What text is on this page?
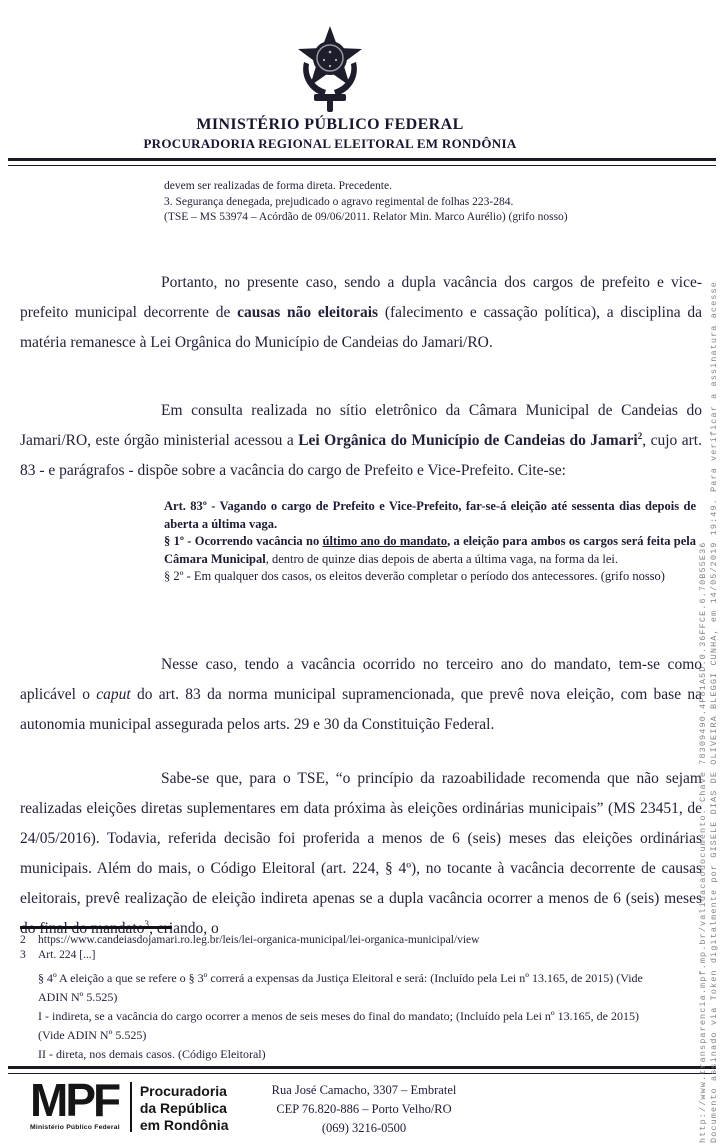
MINISTÉRIO PÚBLICO FEDERAL
PROCURADORIA REGIONAL ELEITORAL EM RONDÔNIA
devem ser realizadas de forma direta. Precedente.
3. Segurança denegada, prejudicado o agravo regimental de folhas 223-284.
(TSE – MS 53974 – Acórdão de 09/06/2011. Relator Min. Marco Aurélio) (grifo nosso)

Portanto, no presente caso, sendo a dupla vacância dos cargos de prefeito e vice-prefeito municipal decorrente de causas não eleitorais (falecimento e cassação política), a disciplina da matéria remanesce à Lei Orgânica do Município de Candeias do Jamari/RO.

Em consulta realizada no sítio eletrônico da Câmara Municipal de Candeias do Jamari/RO, este órgão ministerial acessou a Lei Orgânica do Município de Candeias do Jamari$^2$, cujo art. 83 - e parágrafos - dispõe sobre a vacância do cargo de Prefeito e Vice-Prefeito. Cite-se:

Art. 83º - Vagando o cargo de Prefeito e Vice-Prefeito, far-se-á eleição até sessenta dias depois de aberta a última vaga.
§ 1º - Ocorrendo vacância no último ano do mandato, a eleição para ambos os cargos será feita pela Câmara Municipal, dentro de quinze dias depois de aberta a última vaga, na forma da lei.
§ 2º - Em qualquer dos casos, os eleitos deverão completar o período dos antecessores. (grifo nosso)

Nesse caso, tendo a vacância ocorrido no terceiro ano do mandato, tem-se como aplicável o caput do art. 83 da norma municipal supramencionada, que prevê nova eleição, com base na autonomia municipal assegurada pelos arts. 29 e 30 da Constituição Federal.

Sabe-se que, para o TSE, “o princípio da razoabilidade recomenda que não sejam realizadas eleições diretas suplementares em data próxima às eleições ordinárias municipais” (MS 23451, de 24/05/2016). Todavia, referida decisão foi proferida a menos de 6 (seis) meses das eleições ordinárias municipais. Além do mais, o Código Eleitoral (art. 224, § 4º), no tocante à vacância decorrente de causas eleitorais, prevê realização de eleição indireta apenas se a dupla vacância ocorrer a menos de 6 (seis) meses do final do mandato$^3$, criando, o

2	https://www.candeiasdojamari.ro.leg.br/leis/lei-organica-municipal/lei-organica-municipal/view
3	Art. 224 [...]

§ 4º A eleição a que se refere o § 3º correrá a expensas da Justiça Eleitoral e será: (Incluído pela Lei nº 13.165, de 2015) (Vide ADIN Nº 5.525)

I - indireta, se a vacância do cargo ocorrer a menos de seis meses do final do mandato; (Incluído pela Lei nº 13.165, de 2015) (Vide ADIN Nº 5.525)

II - direta, nos demais casos. (Código Eleitoral)

MPF
Ministério Público Federal
Procuradoria
da República
em Rondônia
Rua José Camacho, 3307 – Embratel
CEP 76.820-886 – Porto Velho/RO
(069) 3216-0500	Documento assinado via Token digitalmente por GISELE DIAS DE OLIVEIRA BLEGGI CUNHA, em 14/05/2019 19:49. Para verificar a assinatura acesse
http://www.transparencia.mpf.mp.br/validacaodocumento. Chave 78309490.4F81A5D.0.36FFCE.6.70B55E36
